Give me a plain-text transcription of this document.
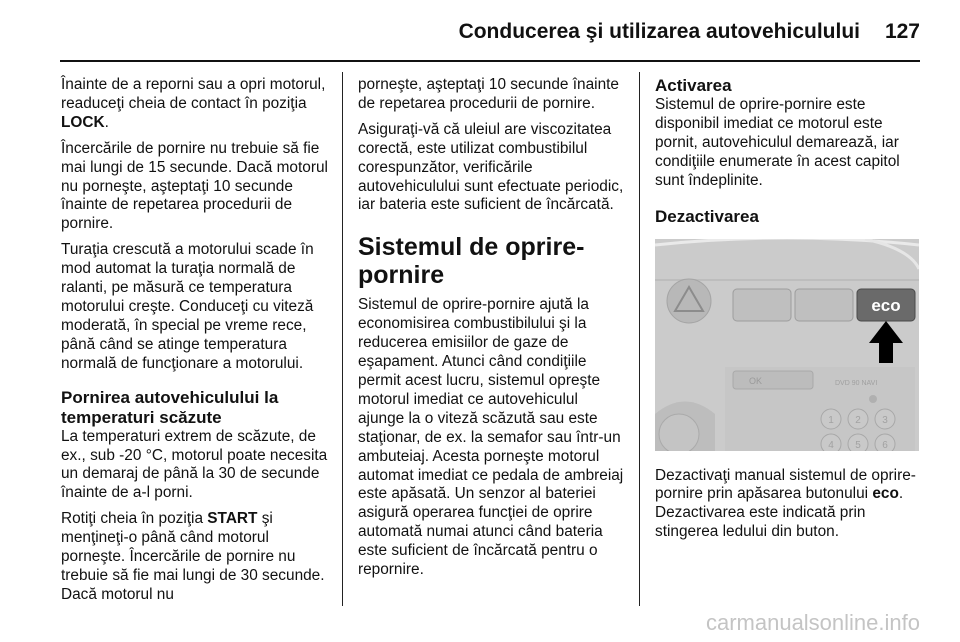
Conducerea şi utilizarea autovehiculului 127

Înainte de a reporni sau a opri motorul, readuceţi cheia de contact în poziţia LOCK.

Încercările de pornire nu trebuie să fie mai lungi de 15 secunde. Dacă motorul nu porneşte, aşteptaţi 10 secunde înainte de repetarea procedurii de pornire.

Turaţia crescută a motorului scade în mod automat la turaţia normală de ralanti, pe măsură ce temperatura motorului creşte. Conduceţi cu viteză moderată, în special pe vreme rece, până când se atinge temperatura normală de funcţionare a motorului.

Pornirea autovehiculului la temperaturi scăzute

La temperaturi extrem de scăzute, de ex., sub -20 °C, motorul poate necesita un demaraj de până la 30 de secunde înainte de a-l porni.

Rotiţi cheia în poziţia START şi menţineţi-o până când motorul porneşte. Încercările de pornire nu trebuie să fie mai lungi de 30 secunde. Dacă motorul nu

porneşte, aşteptaţi 10 secunde înainte de repetarea procedurii de pornire.

Asiguraţi-vă că uleiul are viscozitatea corectă, este utilizat combustibilul corespunzător, verificările autovehiculului sunt efectuate periodic, iar bateria este suficient de încărcată.

Sistemul de oprire-pornire

Sistemul de oprire-pornire ajută la economisirea combustibilului şi la reducerea emisiilor de gaze de eşapament. Atunci când condiţiile permit acest lucru, sistemul opreşte motorul imediat ce autovehiculul ajunge la o viteză scăzută sau este staţionar, de ex. la semafor sau într-un ambuteiaj. Acesta porneşte motorul automat imediat ce pedala de ambreiaj este apăsată. Un senzor al bateriei asigură operarea funcţiei de oprire automată numai atunci când bateria este suficient de încărcată pentru o repornire.

Activarea

Sistemul de oprire-pornire este disponibil imediat ce motorul este pornit, autovehiculul demarează, iar condiţiile enumerate în acest capitol sunt îndeplinite.

Dezactivarea
eco
OK	DVD 90 NAVI
1 2 3
4 5 6

Dezactivaţi manual sistemul de oprire-pornire prin apăsarea butonului eco. Dezactivarea este indicată prin stingerea ledului din buton.

carmanualsonline.info
